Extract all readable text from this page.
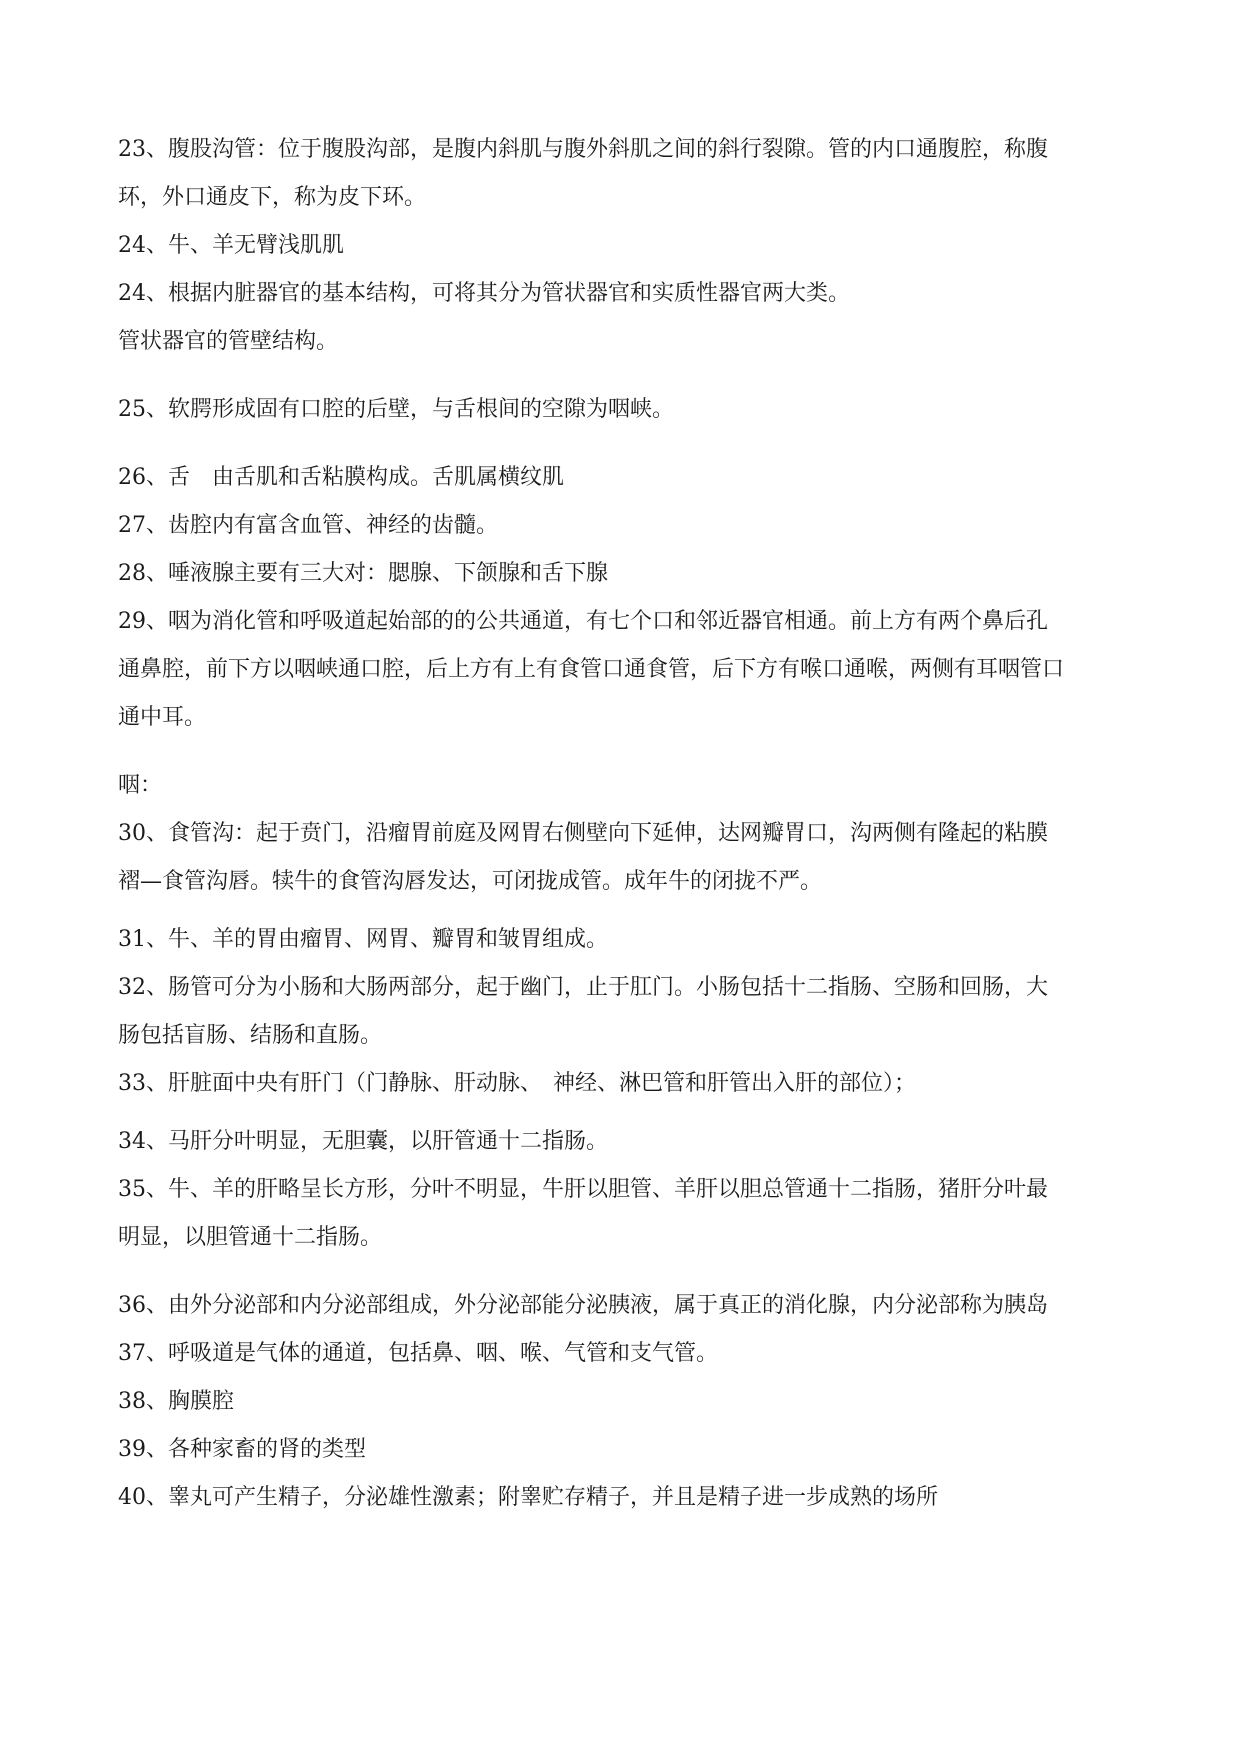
23、腹股沟管：位于腹股沟部，是腹内斜肌与腹外斜肌之间的斜行裂隙。管的内口通腹腔，称腹环，外口通皮下，称为皮下环。

24、牛、羊无臂浅肌肌

24、根据内脏器官的基本结构，可将其分为管状器官和实质性器官两大类。

管状器官的管壁结构。

25、软腭形成固有口腔的后壁，与舌根间的空隙为咽峡。

26、舌　由舌肌和舌粘膜构成。舌肌属横纹肌

27、齿腔内有富含血管、神经的齿髓。

28、唾液腺主要有三大对：腮腺、下颌腺和舌下腺

29、咽为消化管和呼吸道起始部的的公共通道，有七个口和邻近器官相通。前上方有两个鼻后孔通鼻腔，前下方以咽峡通口腔，后上方有上有食管口通食管，后下方有喉口通喉，两侧有耳咽管口通中耳。

咽：

30、食管沟：起于贲门，沿瘤胃前庭及网胃右侧壁向下延伸，达网瓣胃口，沟两侧有隆起的粘膜褶—食管沟唇。犊牛的食管沟唇发达，可闭拢成管。成年牛的闭拢不严。

31、牛、羊的胃由瘤胃、网胃、瓣胃和皱胃组成。

32、肠管可分为小肠和大肠两部分，起于幽门，止于肛门。小肠包括十二指肠、空肠和回肠，大肠包括盲肠、结肠和直肠。

33、肝脏面中央有肝门（门静脉、肝动脉、　神经、淋巴管和肝管出入肝的部位）；

34、马肝分叶明显，无胆囊，以肝管通十二指肠。

35、牛、羊的肝略呈长方形，分叶不明显，牛肝以胆管、羊肝以胆总管通十二指肠，猪肝分叶最明显，以胆管通十二指肠。

36、由外分泌部和内分泌部组成，外分泌部能分泌胰液，属于真正的消化腺，内分泌部称为胰岛

37、呼吸道是气体的通道，包括鼻、咽、喉、气管和支气管。

38、胸膜腔

39、各种家畜的肾的类型

40、睾丸可产生精子，分泌雄性激素；附睾贮存精子，并且是精子进一步成熟的场所
